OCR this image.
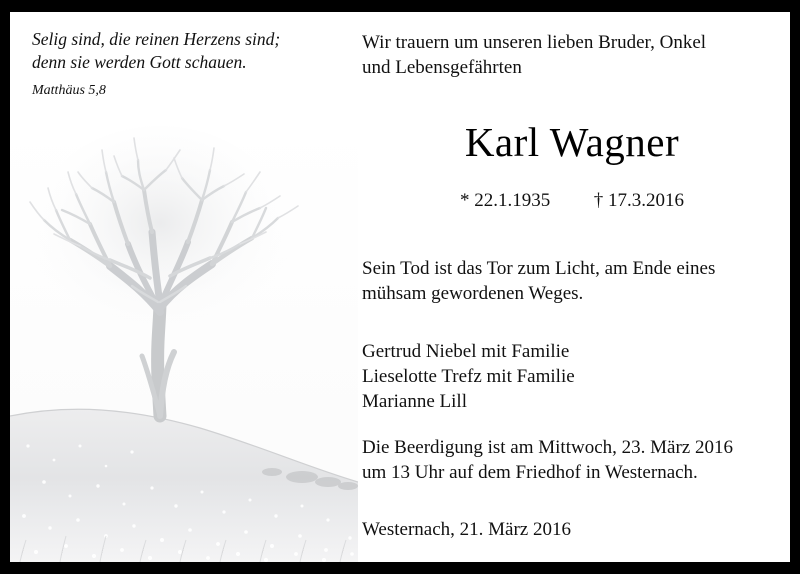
Selig sind, die reinen Herzens sind;
denn sie werden Gott schauen.
Matthäus 5,8
Wir trauern um unseren lieben Bruder, Onkel
und Lebensgefährten
Karl Wagner
* 22.1.1935 † 17.3.2016
Sein Tod ist das Tor zum Licht, am Ende eines
mühsam gewordenen Weges.
Gertrud Niebel mit Familie
Lieselotte Trefz mit Familie
Marianne Lill
Die Beerdigung ist am Mittwoch, 23. März 2016
um 13 Uhr auf dem Friedhof in Westernach.
Westernach, 21. März 2016
